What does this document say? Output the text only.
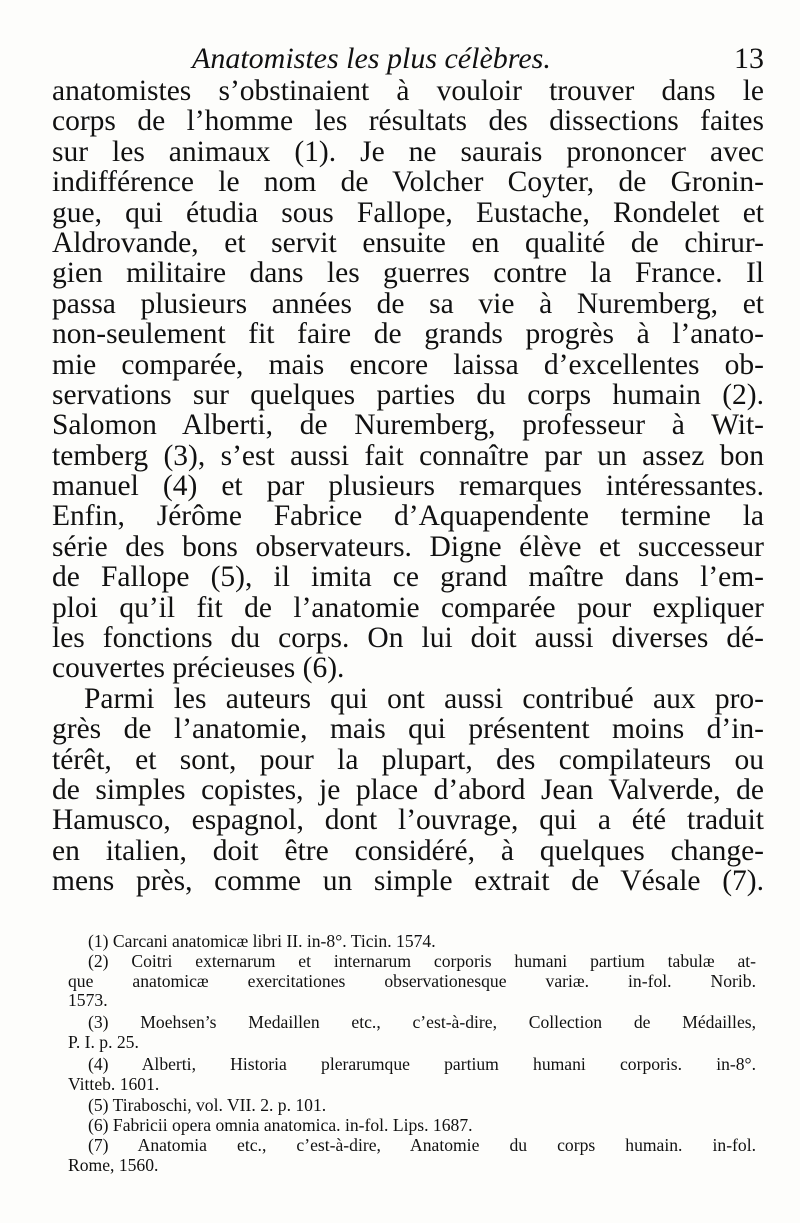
Anatomistes les plus célèbres.	13
anatomistes s’obstinaient à vouloir trouver dans le
corps de l’homme les résultats des dissections faites
sur les animaux (1). Je ne saurais prononcer avec
indifférence le nom de Volcher Coyter, de Gronin-
gue, qui étudia sous Fallope, Eustache, Rondelet et
Aldrovande, et servit ensuite en qualité de chirur-
gien militaire dans les guerres contre la France. Il
passa plusieurs années de sa vie à Nuremberg, et
non-seulement fit faire de grands progrès à l’anato-
mie comparée, mais encore laissa d’excellentes ob-
servations sur quelques parties du corps humain (2).
Salomon Alberti, de Nuremberg, professeur à Wit-
temberg (3), s’est aussi fait connaître par un assez bon
manuel (4) et par plusieurs remarques intéressantes.
Enfin, Jérôme Fabrice d’Aquapendente termine la
série des bons observateurs. Digne élève et successeur
de Fallope (5), il imita ce grand maître dans l’em-
ploi qu’il fit de l’anatomie comparée pour expliquer
les fonctions du corps. On lui doit aussi diverses dé-
couvertes précieuses (6).
Parmi les auteurs qui ont aussi contribué aux pro-
grès de l’anatomie, mais qui présentent moins d’in-
térêt, et sont, pour la plupart, des compilateurs ou
de simples copistes, je place d’abord Jean Valverde, de
Hamusco, espagnol, dont l’ouvrage, qui a été traduit
en italien, doit être considéré, à quelques change-
mens près, comme un simple extrait de Vésale (7).
(1) Carcani anatomicæ libri II. in-8°. Ticin. 1574.
(2) Coitri externarum et internarum corporis humani partium tabulæ at-
que anatomicæ exercitationes observationesque variæ. in-fol. Norib.
1573.
(3) Moehsen’s Medaillen etc., c’est-à-dire, Collection de Médailles,
P. I. p. 25.
(4) Alberti, Historia plerarumque partium humani corporis. in-8°.
Vitteb. 1601.
(5) Tiraboschi, vol. VII. 2. p. 101.
(6) Fabricii opera omnia anatomica. in-fol. Lips. 1687.
(7) Anatomia etc., c’est-à-dire, Anatomie du corps humain. in-fol.
Rome, 1560.
